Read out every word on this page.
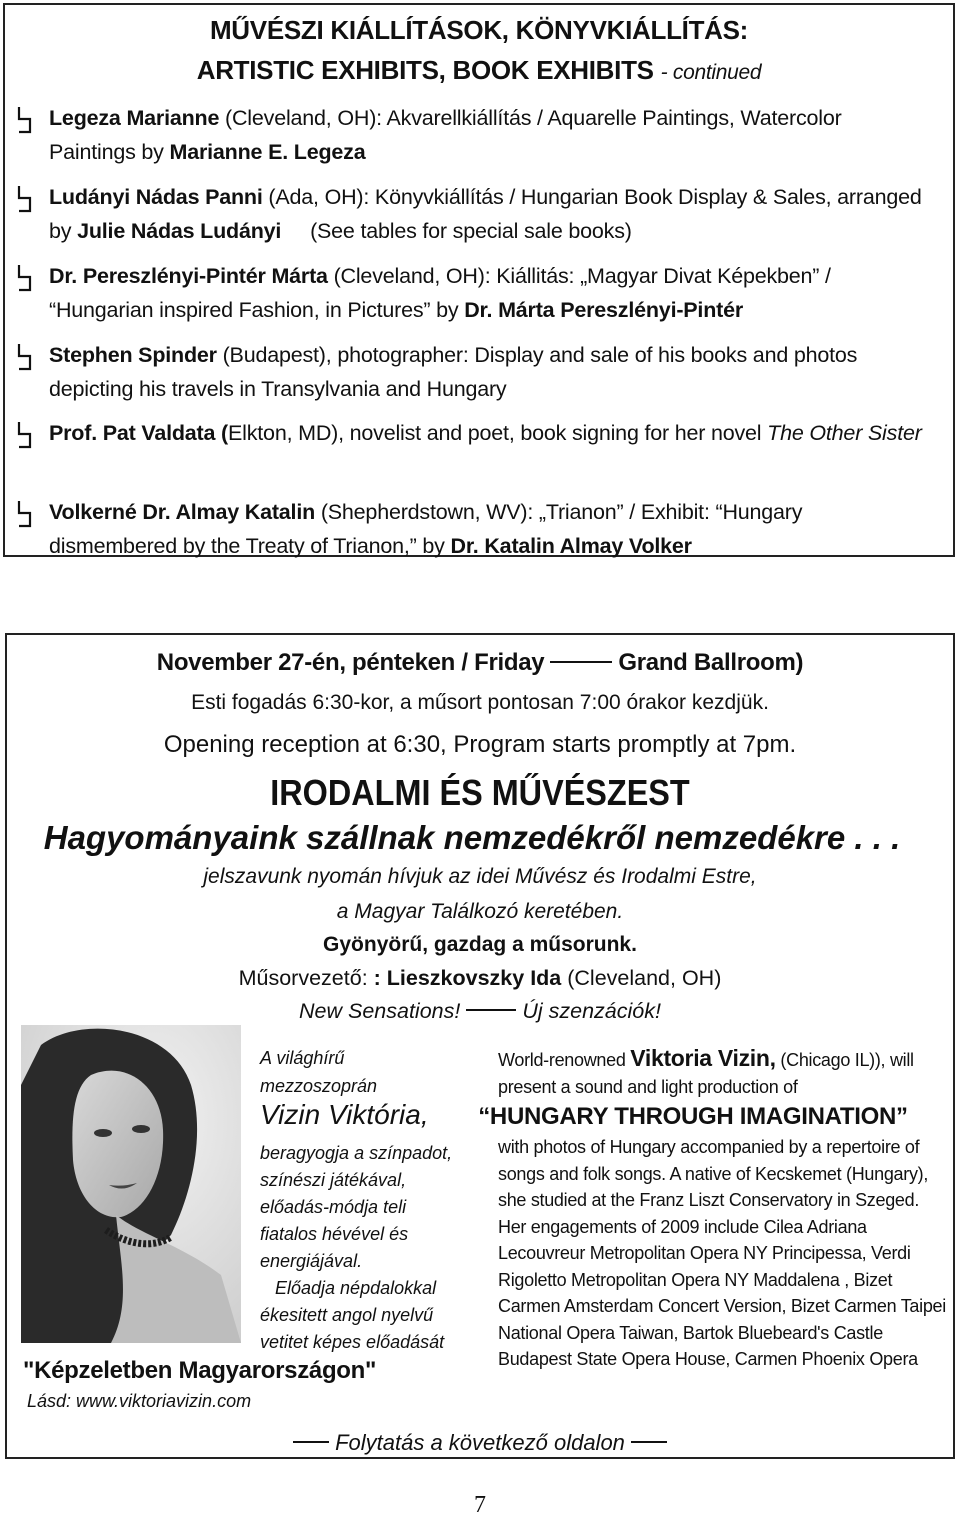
MŰVÉSZI KIÁLLÍTÁSOK, KÖNYVKIÁLLÍTÁS:
ARTISTIC EXHIBITS, BOOK EXHIBITS - continued
Legeza Marianne (Cleveland, OH): Akvarellkiállítás / Aquarelle Paintings, Watercolor Paintings by Marianne E. Legeza
Ludányi Nádas Panni (Ada, OH): Könyvkiállítás / Hungarian Book Display & Sales, arranged by Julie Nádas Ludányi (See tables for special sale books)
Dr. Pereszlényi-Pintér Márta (Cleveland, OH): Kiállitás: „Magyar Divat Képekben” / “Hungarian inspired Fashion, in Pictures” by Dr. Márta Pereszlényi-Pintér
Stephen Spinder (Budapest), photographer: Display and sale of his books and photos depicting his travels in Transylvania and Hungary
Prof. Pat Valdata (Elkton, MD), novelist and poet, book signing for her novel The Other Sister
Volkerné Dr. Almay Katalin (Shepherdstown, WV): „Trianon” / Exhibit: “Hungary dismembered by the Treaty of Trianon,” by Dr. Katalin Almay Volker
November 27-én, pénteken / Friday	Grand Ballroom)
Esti fogadás 6:30-kor, a műsort pontosan 7:00 órakor kezdjük.
Opening reception at 6:30, Program starts promptly at 7pm.
IRODALMI ÉS MŰVÉSZEST
Hagyományaink szállnak nemzedékről nemzedékre . . .
jelszavunk nyomán hívjuk az idei Művész és Irodalmi Estre,
a Magyar Találkozó keretében.
Gyönyörű, gazdag a műsorunk.
Műsorvezető: : Lieszkovszky Ida (Cleveland, OH)
New Sensations!	Új szenzációk!
A világhírű
mezzoszoprán
Vizin Viktória,
beragyogja a színpadot,
színészi játékával,
előadás-módja teli
fiatalos hévével és
energiájával.
Előadja népdalokkal
ékesitett angol nyelvű
vetitet képes előadását
"Képzeletben Magyarországon"
Lásd: www.viktoriavizin.com
World-renowned Viktoria Vizin, (Chicago IL)), will present a sound and light production of
“HUNGARY THROUGH IMAGINATION”
with photos of Hungary accompanied by a repertoire of songs and folk songs. A native of Kecskemet (Hungary), she studied at the Franz Liszt Conservatory in Szeged. Her engagements of 2009 include Cilea Adriana Lecouvreur Metropolitan Opera NY Principessa, Verdi Rigoletto Metropolitan Opera NY Maddalena , Bizet Carmen Amsterdam Concert Version, Bizet Carmen Taipei National Opera Taiwan, Bartok Bluebeard's Castle Budapest State Opera House, Carmen Phoenix Opera
Folytatás a következő oldalon
7
